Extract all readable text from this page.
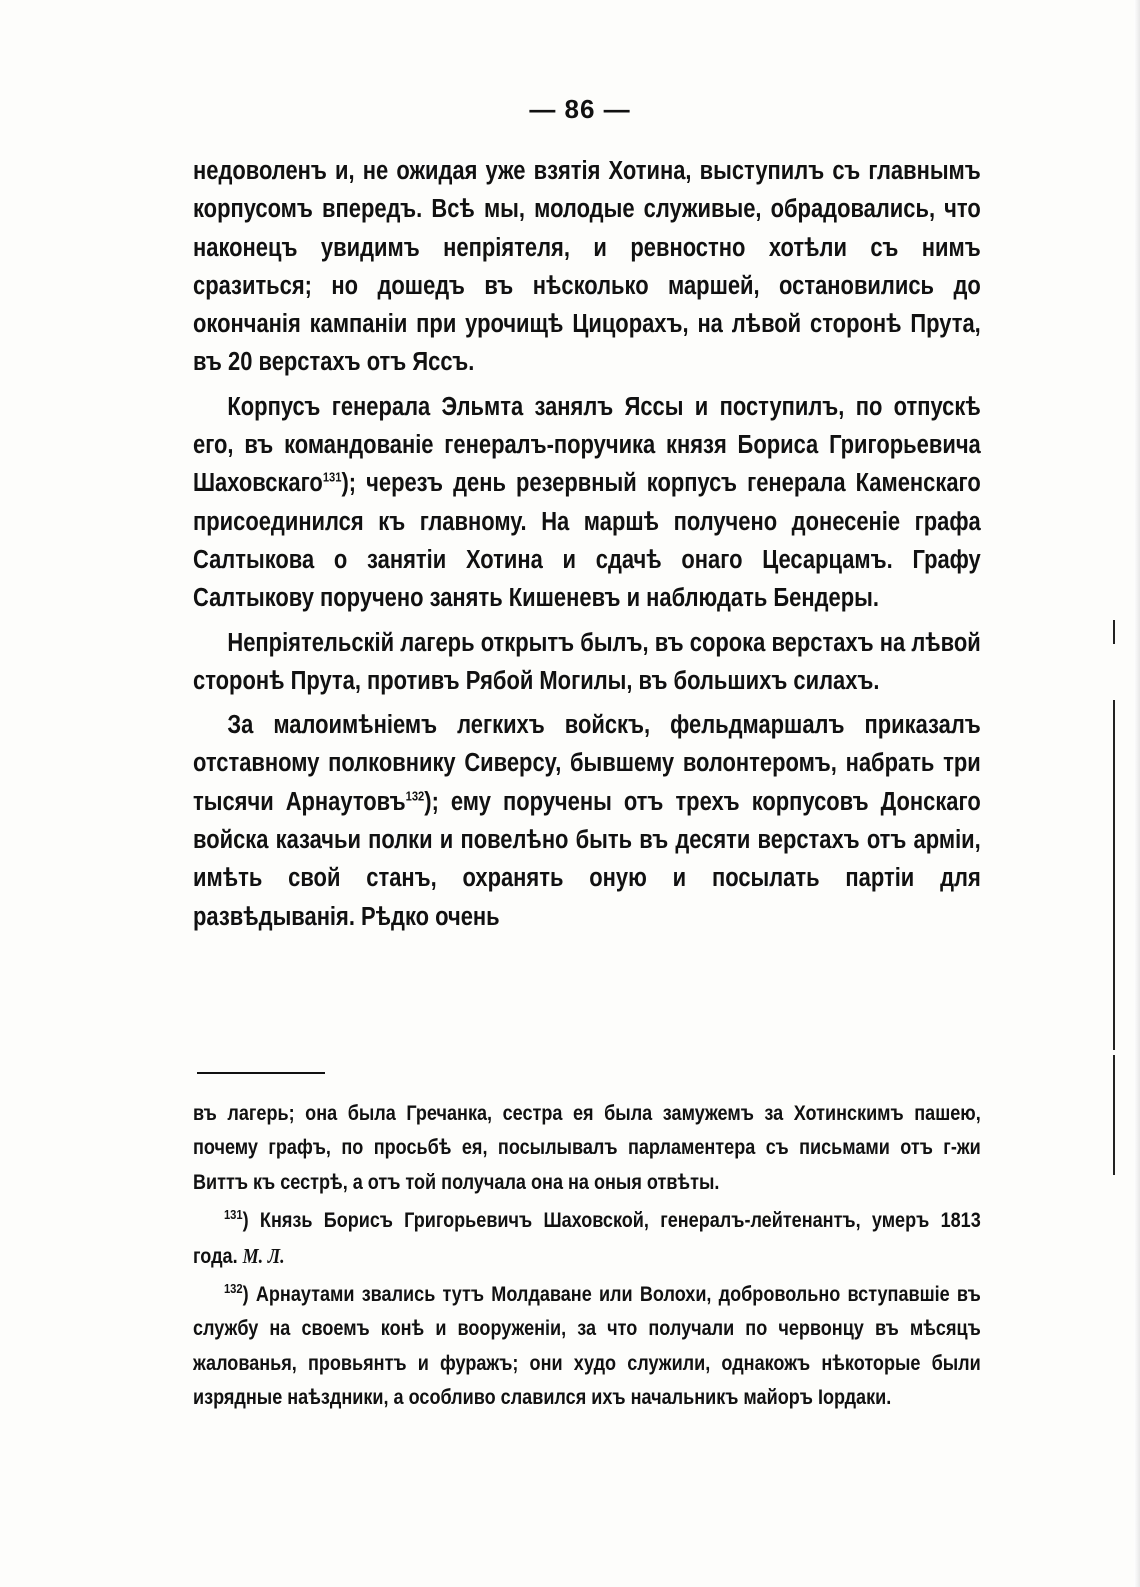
— 86 —

недоволенъ и, не ожидая уже взятія Хотина, выступилъ съ главнымъ корпусомъ впередъ. Всѣ мы, молодые служивые, обрадовались, что наконецъ увидимъ непріятеля, и ревностно хотѣли съ нимъ сразиться; но дошедъ въ нѣсколько маршей, остановились до окончанія кампаніи при урочищѣ Цицорахъ, на лѣвой сторонѣ Прута, въ 20 верстахъ отъ Яссъ.

Корпусъ генерала Эльмта занялъ Яссы и поступилъ, по отпускѣ его, въ командованіе генералъ-поручика князя Бориса Григорьевича Шаховскаго$^{131}$); черезъ день резервный корпусъ генерала Каменскаго присоединился къ главному. На маршѣ получено донесеніе графа Салтыкова о занятіи Хотина и сдачѣ онаго Цесарцамъ. Графу Салтыкову поручено занять Кишеневъ и наблюдать Бендеры.

Непріятельскій лагерь открытъ былъ, въ сорока верстахъ на лѣвой сторонѣ Прута, противъ Рябой Могилы, въ большихъ силахъ.

За малоимѣніемъ легкихъ войскъ, фельдмаршалъ приказалъ отставному полковнику Сиверсу, бывшему волонтеромъ, набрать три тысячи Арнаутовъ$^{132}$); ему поручены отъ трехъ корпусовъ Донскаго войска казачьи полки и повелѣно быть въ десяти верстахъ отъ арміи, имѣть свой станъ, охранять оную и посылать партіи для развѣдыванія. Рѣдко очень

въ лагерь; она была Гречанка, сестра ея была замужемъ за Хотинскимъ пашею, почему графъ, по просьбѣ ея, посылывалъ парламентера съ письмами отъ г-жи Виттъ къ сестрѣ, а отъ той получала она на оныя отвѣты.

$^{131}$) Князь Борисъ Григорьевичъ Шаховской, генералъ-лейтенантъ, умеръ 1813 года. М. Л.

$^{132}$) Арнаутами звались тутъ Молдаване или Волохи, добровольно вступавшіе въ службу на своемъ конѣ и вооруженіи, за что получали по червонцу въ мѣсяцъ жалованья, провьянтъ и фуражъ; они худо служили, однакожъ нѣкоторые были изрядные наѣздники, а особливо славился ихъ начальникъ майоръ Іордаки.
